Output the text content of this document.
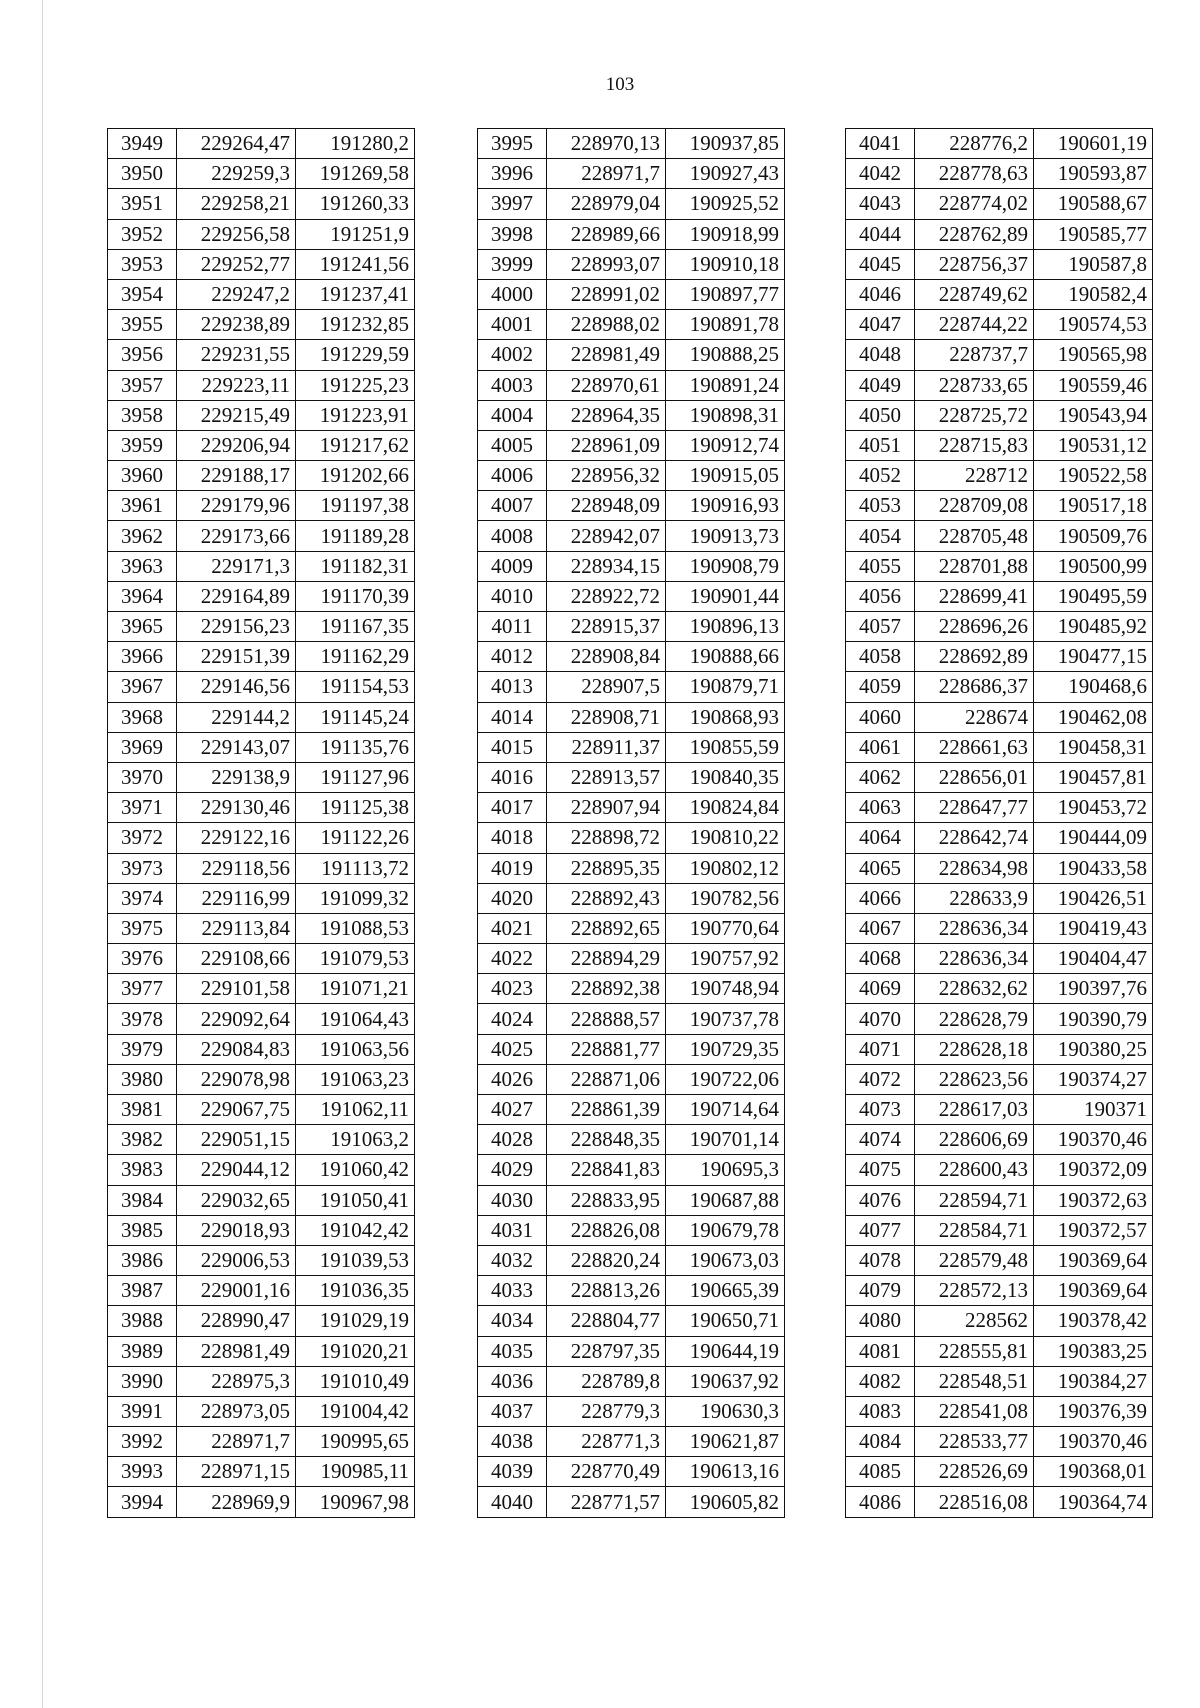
103
3949	229264,47	191280,2
3950	229259,3	191269,58
3951	229258,21	191260,33
3952	229256,58	191251,9
3953	229252,77	191241,56
3954	229247,2	191237,41
3955	229238,89	191232,85
3956	229231,55	191229,59
3957	229223,11	191225,23
3958	229215,49	191223,91
3959	229206,94	191217,62
3960	229188,17	191202,66
3961	229179,96	191197,38
3962	229173,66	191189,28
3963	229171,3	191182,31
3964	229164,89	191170,39
3965	229156,23	191167,35
3966	229151,39	191162,29
3967	229146,56	191154,53
3968	229144,2	191145,24
3969	229143,07	191135,76
3970	229138,9	191127,96
3971	229130,46	191125,38
3972	229122,16	191122,26
3973	229118,56	191113,72
3974	229116,99	191099,32
3975	229113,84	191088,53
3976	229108,66	191079,53
3977	229101,58	191071,21
3978	229092,64	191064,43
3979	229084,83	191063,56
3980	229078,98	191063,23
3981	229067,75	191062,11
3982	229051,15	191063,2
3983	229044,12	191060,42
3984	229032,65	191050,41
3985	229018,93	191042,42
3986	229006,53	191039,53
3987	229001,16	191036,35
3988	228990,47	191029,19
3989	228981,49	191020,21
3990	228975,3	191010,49
3991	228973,05	191004,42
3992	228971,7	190995,65
3993	228971,15	190985,11
3994	228969,9	190967,98
3995	228970,13	190937,85
3996	228971,7	190927,43
3997	228979,04	190925,52
3998	228989,66	190918,99
3999	228993,07	190910,18
4000	228991,02	190897,77
4001	228988,02	190891,78
4002	228981,49	190888,25
4003	228970,61	190891,24
4004	228964,35	190898,31
4005	228961,09	190912,74
4006	228956,32	190915,05
4007	228948,09	190916,93
4008	228942,07	190913,73
4009	228934,15	190908,79
4010	228922,72	190901,44
4011	228915,37	190896,13
4012	228908,84	190888,66
4013	228907,5	190879,71
4014	228908,71	190868,93
4015	228911,37	190855,59
4016	228913,57	190840,35
4017	228907,94	190824,84
4018	228898,72	190810,22
4019	228895,35	190802,12
4020	228892,43	190782,56
4021	228892,65	190770,64
4022	228894,29	190757,92
4023	228892,38	190748,94
4024	228888,57	190737,78
4025	228881,77	190729,35
4026	228871,06	190722,06
4027	228861,39	190714,64
4028	228848,35	190701,14
4029	228841,83	190695,3
4030	228833,95	190687,88
4031	228826,08	190679,78
4032	228820,24	190673,03
4033	228813,26	190665,39
4034	228804,77	190650,71
4035	228797,35	190644,19
4036	228789,8	190637,92
4037	228779,3	190630,3
4038	228771,3	190621,87
4039	228770,49	190613,16
4040	228771,57	190605,82
4041	228776,2	190601,19
4042	228778,63	190593,87
4043	228774,02	190588,67
4044	228762,89	190585,77
4045	228756,37	190587,8
4046	228749,62	190582,4
4047	228744,22	190574,53
4048	228737,7	190565,98
4049	228733,65	190559,46
4050	228725,72	190543,94
4051	228715,83	190531,12
4052	228712	190522,58
4053	228709,08	190517,18
4054	228705,48	190509,76
4055	228701,88	190500,99
4056	228699,41	190495,59
4057	228696,26	190485,92
4058	228692,89	190477,15
4059	228686,37	190468,6
4060	228674	190462,08
4061	228661,63	190458,31
4062	228656,01	190457,81
4063	228647,77	190453,72
4064	228642,74	190444,09
4065	228634,98	190433,58
4066	228633,9	190426,51
4067	228636,34	190419,43
4068	228636,34	190404,47
4069	228632,62	190397,76
4070	228628,79	190390,79
4071	228628,18	190380,25
4072	228623,56	190374,27
4073	228617,03	190371
4074	228606,69	190370,46
4075	228600,43	190372,09
4076	228594,71	190372,63
4077	228584,71	190372,57
4078	228579,48	190369,64
4079	228572,13	190369,64
4080	228562	190378,42
4081	228555,81	190383,25
4082	228548,51	190384,27
4083	228541,08	190376,39
4084	228533,77	190370,46
4085	228526,69	190368,01
4086	228516,08	190364,74
